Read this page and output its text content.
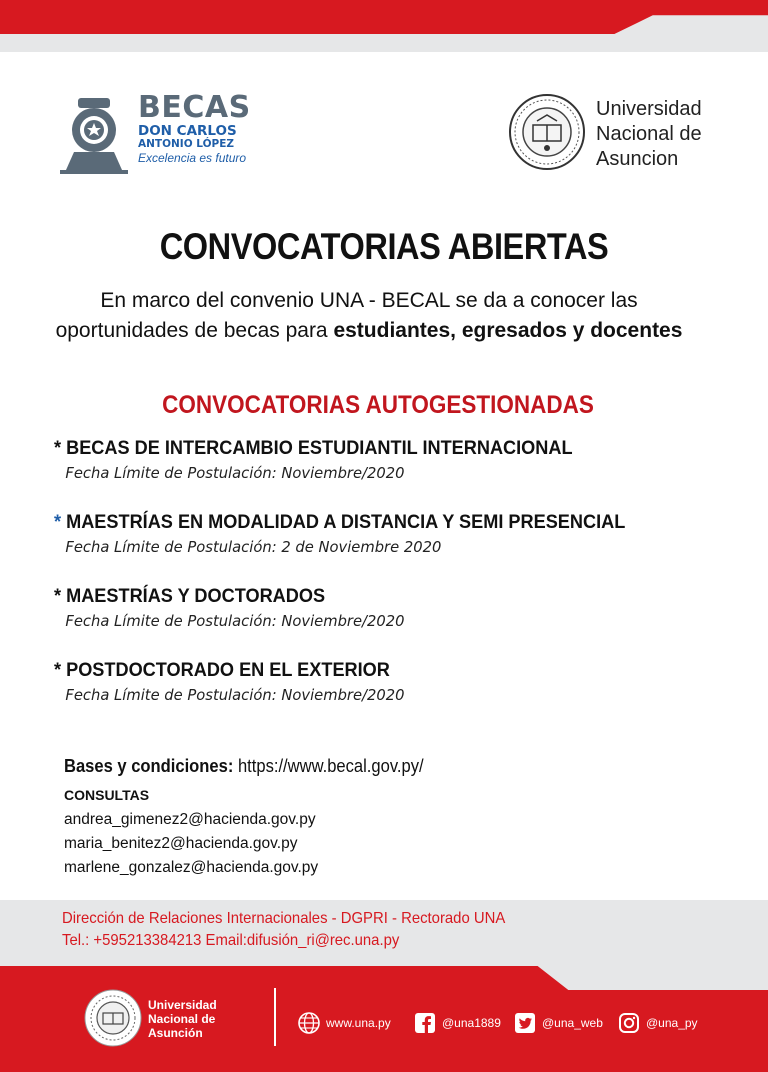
BECAS
DON CARLOS
ANTONIO LÓPEZ
Excelencia es futuro
Universidad
Nacional de
Asuncion
CONVOCATORIAS ABIERTAS
En marco del convenio UNA - BECAL se da a conocer las
oportunidades de becas para estudiantes, egresados y docentes
CONVOCATORIAS AUTOGESTIONADAS
* BECAS DE INTERCAMBIO ESTUDIANTIL INTERNACIONAL
Fecha Límite de Postulación: Noviembre/2020
* MAESTRÍAS EN MODALIDAD A DISTANCIA Y SEMI PRESENCIAL
Fecha Límite de Postulación: 2 de Noviembre 2020
* MAESTRÍAS Y DOCTORADOS
Fecha Límite de Postulación: Noviembre/2020
* POSTDOCTORADO EN EL EXTERIOR
Fecha Límite de Postulación: Noviembre/2020
Bases y condiciones: https://www.becal.gov.py/
CONSULTAS
andrea_gimenez2@hacienda.gov.py
maria_benitez2@hacienda.gov.py
marlene_gonzalez@hacienda.gov.py
Dirección de Relaciones Internacionales - DGPRI - Rectorado UNA
Tel.: +595213384213 Email:difusión_ri@rec.una.py
Universidad
Nacional de
Asunción
www.una.py	@una1889	@una_web	@una_py
